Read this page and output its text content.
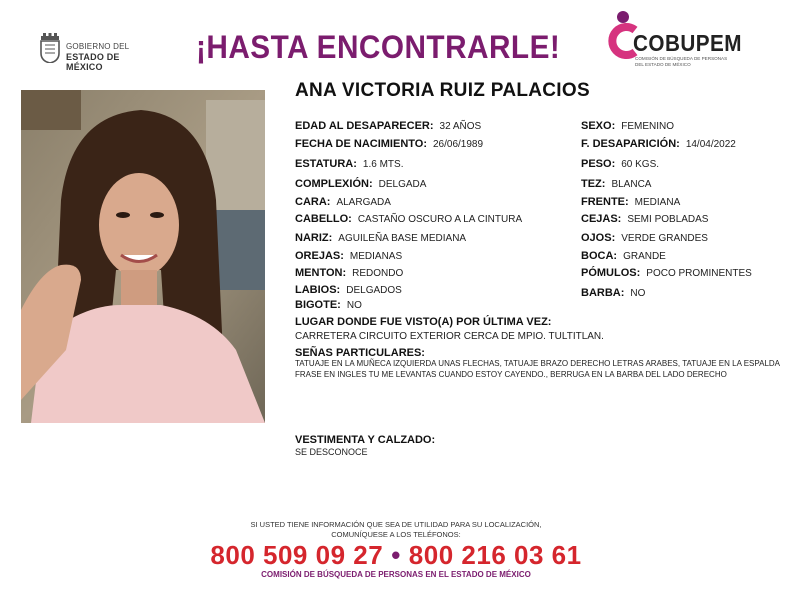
GOBIERNO DEL
ESTADO DE MÉXICO
¡HASTA ENCONTRARLE!	COBUPEM
COMISIÓN DE BÚSQUEDA DE PERSONAS
DEL ESTADO DE MÉXICO
ANA VICTORIA RUIZ PALACIOS
EDAD AL DESAPARECER: 32 AÑOS
FECHA DE NACIMIENTO: 26/06/1989
ESTATURA: 1.6 MTS.
COMPLEXIÓN: DELGADA
CARA: ALARGADA
CABELLO: CASTAÑO OSCURO A LA CINTURA
NARIZ: AGUILEÑA BASE MEDIANA
OREJAS: MEDIANAS
MENTON: REDONDO
LABIOS: DELGADOS
BIGOTE: NO
SEXO: FEMENINO
F. DESAPARICIÓN: 14/04/2022
PESO: 60 KGS.
TEZ: BLANCA
FRENTE: MEDIANA
CEJAS: SEMI POBLADAS
OJOS: VERDE GRANDES
BOCA: GRANDE
PÓMULOS: POCO PROMINENTES
BARBA: NO
LUGAR DONDE FUE VISTO(A) POR ÚLTIMA VEZ:
CARRETERA CIRCUITO EXTERIOR CERCA DE MPIO. TULTITLAN.
SEÑAS PARTICULARES:
TATUAJE EN LA MUÑECA IZQUIERDA UNAS FLECHAS, TATUAJE BRAZO DERECHO LETRAS ARABES, TATUAJE EN LA ESPALDA FRASE EN INGLES TU ME LEVANTAS CUANDO ESTOY CAYENDO., BERRUGA EN LA BARBA DEL LADO DERECHO
VESTIMENTA Y CALZADO:
SE DESCONOCE
SI USTED TIENE INFORMACIÓN QUE SEA DE UTILIDAD PARA SU LOCALIZACIÓN,
COMUNÍQUESE A LOS TELÉFONOS:
800 509 09 27 • 800 216 03 61
COMISIÓN DE BÚSQUEDA DE PERSONAS EN EL ESTADO DE MÉXICO
